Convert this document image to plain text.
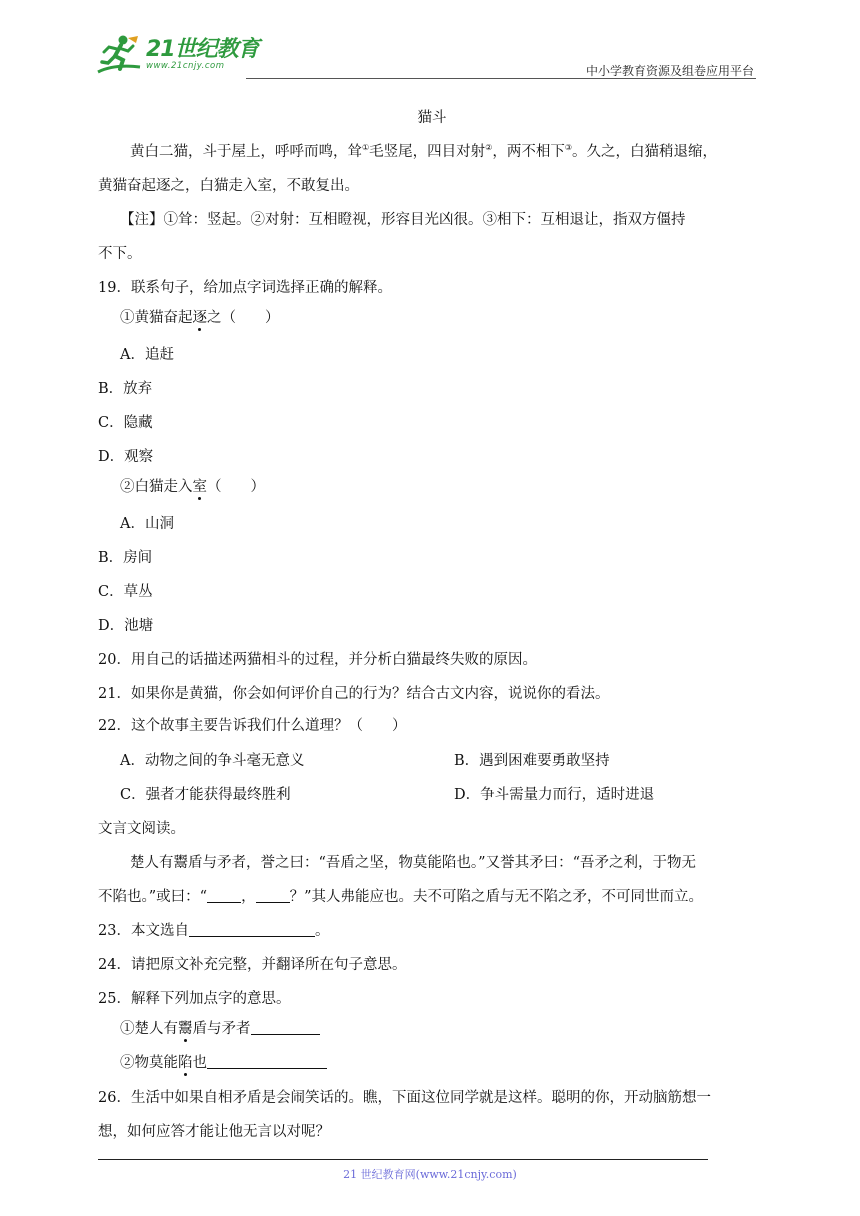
21世纪教育
www.21cnjy.com	中小学教育资源及组卷应用平台
猫斗
黄白二猫，斗于屋上，呼呼而鸣，耸①毛竖尾，四目对射②，两不相下③。久之，白猫稍退缩，
黄猫奋起逐之，白猫走入室，不敢复出。
【注】①耸：竖起。②对射：互相瞪视，形容目光凶很。③相下：互相退让，指双方僵持
不下。
19．联系句子，给加点字词选择正确的解释。
①黄猫奋起逐之（　　）
A．追赶
B．放弃
C．隐藏
D．观察
②白猫走入室（　　）
A．山洞
B．房间
C．草丛
D．池塘
20．用自己的话描述两猫相斗的过程，并分析白猫最终失败的原因。
21．如果你是黄猫，你会如何评价自己的行为？结合古文内容，说说你的看法。
22．这个故事主要告诉我们什么道理？（　　）
A．动物之间的争斗毫无意义	B．遇到困难要勇敢坚持
C．强者才能获得最终胜利	D．争斗需量力而行，适时进退
文言文阅读。
楚人有鬻盾与矛者，誉之曰：“吾盾之坚，物莫能陷也。”又誉其矛曰：“吾矛之利，于物无
不陷也。”或曰：“ ， ？”其人弗能应也。夫不可陷之盾与无不陷之矛，不可同世而立。
23．本文选自	。
24．请把原文补充完整，并翻译所在句子意思。
25．解释下列加点字的意思。
①楚人有鬻盾与矛者
②物莫能陷也
26．生活中如果自相矛盾是会闹笑话的。瞧，下面这位同学就是这样。聪明的你，开动脑筋想一
想，如何应答才能让他无言以对呢？
21 世纪教育网(www.21cnjy.com)
